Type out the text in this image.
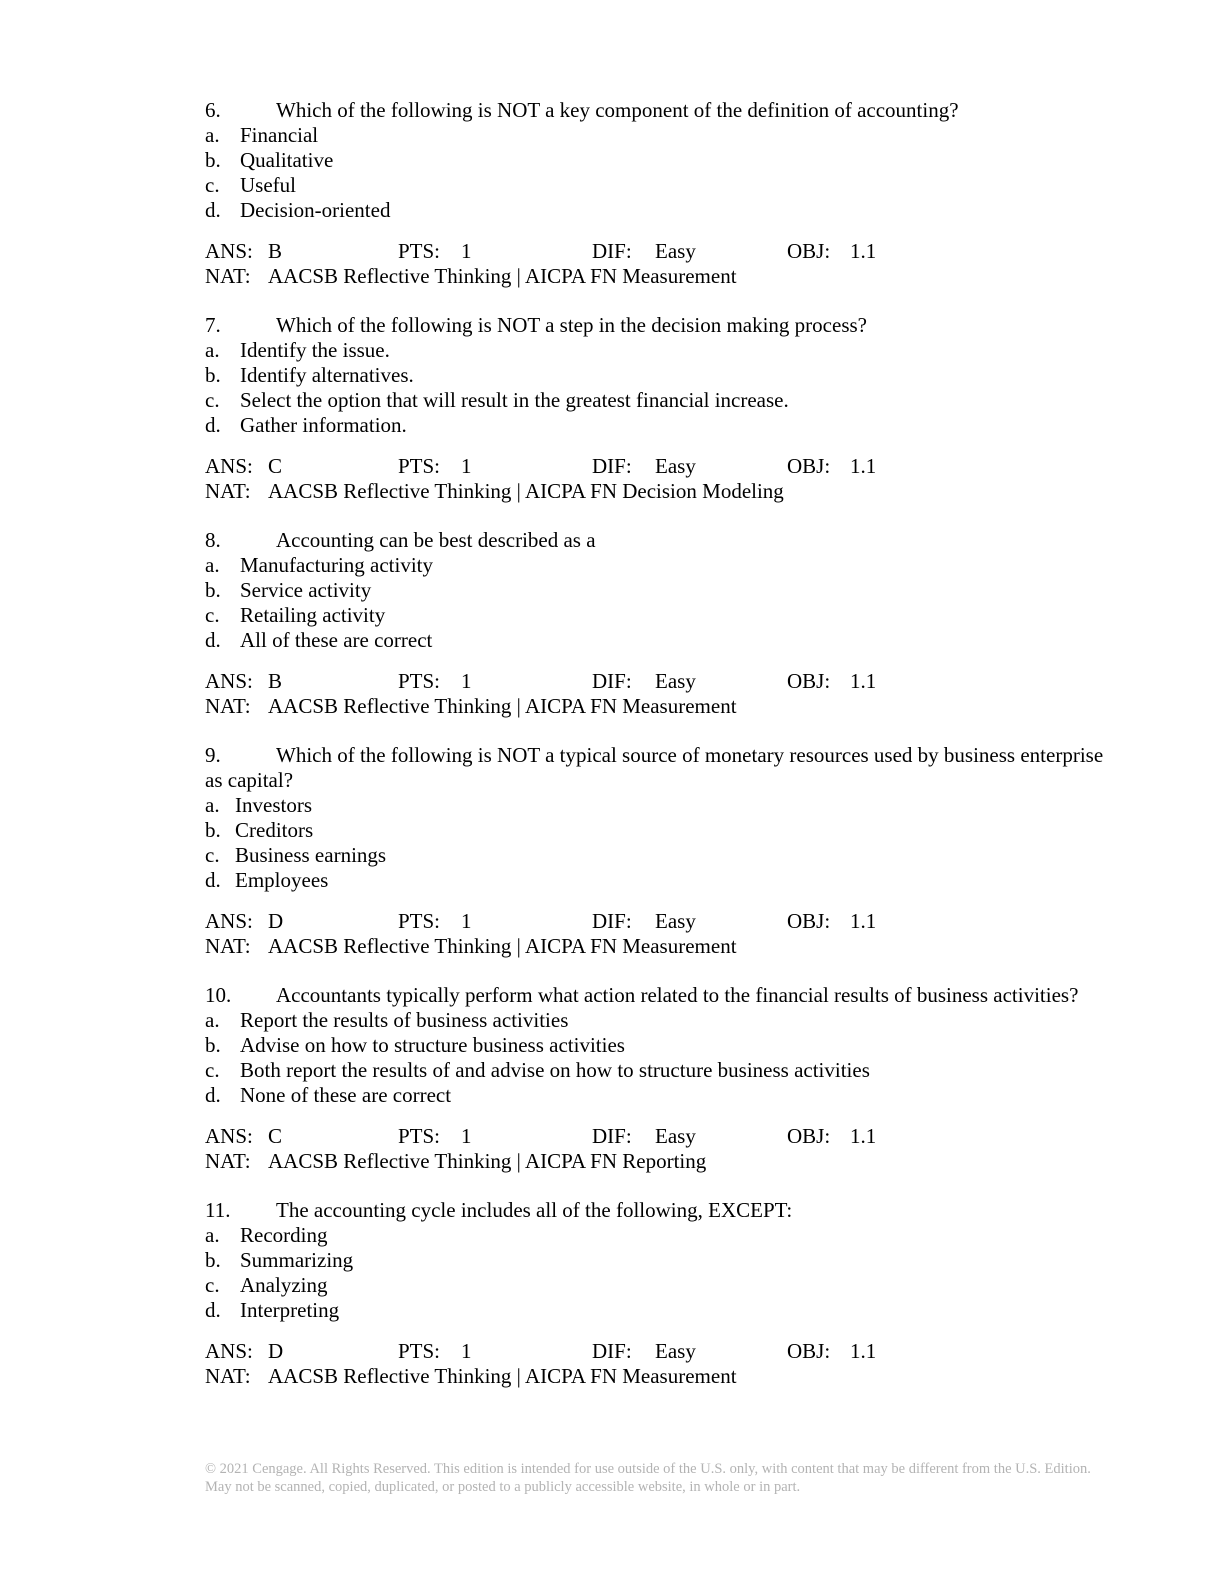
6.	Which of the following is NOT a key component of the definition of accounting?
a. Financial
b. Qualitative
c. Useful
d. Decision-oriented
ANS: B	PTS: 1	DIF: Easy	OBJ: 1.1
NAT: AACSB Reflective Thinking | AICPA FN Measurement
7.	Which of the following is NOT a step in the decision making process?
a. Identify the issue.
b. Identify alternatives.
c. Select the option that will result in the greatest financial increase.
d. Gather information.
ANS: C	PTS: 1	DIF: Easy	OBJ: 1.1
NAT: AACSB Reflective Thinking | AICPA FN Decision Modeling
8.	Accounting can be best described as a
a. Manufacturing activity
b. Service activity
c. Retailing activity
d. All of these are correct
ANS: B	PTS: 1	DIF: Easy	OBJ: 1.1
NAT: AACSB Reflective Thinking | AICPA FN Measurement
9.	Which of the following is NOT a typical source of monetary resources used by business enterprise as capital?
a. Investors
b. Creditors
c. Business earnings
d. Employees
ANS: D	PTS: 1	DIF: Easy	OBJ: 1.1
NAT: AACSB Reflective Thinking | AICPA FN Measurement
10. Accountants typically perform what action related to the financial results of business activities?
a. Report the results of business activities
b. Advise on how to structure business activities
c. Both report the results of and advise on how to structure business activities
d. None of these are correct
ANS: C	PTS: 1	DIF: Easy	OBJ: 1.1
NAT: AACSB Reflective Thinking | AICPA FN Reporting
11. The accounting cycle includes all of the following, EXCEPT:
a. Recording
b. Summarizing
c. Analyzing
d. Interpreting
ANS: D	PTS: 1	DIF: Easy	OBJ: 1.1
NAT: AACSB Reflective Thinking | AICPA FN Measurement
© 2021 Cengage. All Rights Reserved. This edition is intended for use outside of the U.S. only, with content that may be different from the U.S. Edition. May not be scanned, copied, duplicated, or posted to a publicly accessible website, in whole or in part.
